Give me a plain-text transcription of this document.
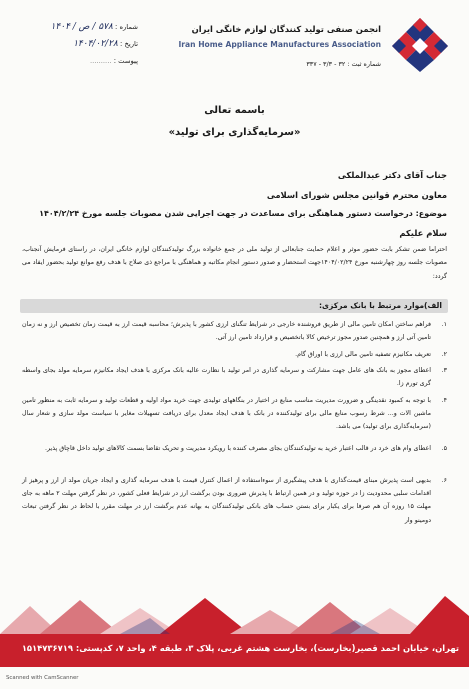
انجمن صنفی تولید کنندگان لوازم خانگی ایران
Iran Home Appliance Manufactures Association
شماره ثبت : ۳۲ - ۳/۳ - ۳۳۷
شماره : ۵۷۸ / ص / ۱۴۰۴
تاریخ : ۱۴۰۴/۰۲/۲۸
پیوست : ..........
باسمه تعالی
«سرمایه‌گذاری برای تولید»
جناب آقای دکتر عبدالملکی
معاون محترم قوانین مجلس شورای اسلامی
موضوع: درخواست دستور هماهنگی برای مساعدت در جهت اجرایی شدن مصوبات جلسه مورخ ۱۴۰۴/۲/۲۴
سلام علیکم
احتراما ضمن تشکر بابت حضور موثر و اعلام حمایت جنابعالی از تولید ملی در جمع خانواده بزرگ تولیدکنندگان لوازم خانگی ایران، در راستای فرمایش آنجناب، مصوبات جلسه روز چهارشنبه مورخ ۱۴۰۴/۰۲/۲۴جهت استحضار و صدور دستور انجام مکاتبه و هماهنگی با مراجع ذی صلاح با هدف رفع موانع تولید بحضور ایفاد می گردد:
الف)موارد مرتبط با بانک مرکزی:
۱.
فراهم ساختن امکان تامین مالی از طریق فروشنده خارجی در شرایط تنگنای ارزی کشور با پذیرش؛ محاسبه قیمت ارز به قیمت زمان تخصیص ارز و نه زمان تامین آتی ارز و همچنین صدور مجوز ترخیص کالا باتخصیص و قرارداد تامین ارز آتی.
۲.
تعریف مکانیزم تصفیه تامین مالی ارزی با اوراق گام.
۳.
اعطای مجوز به بانک های عامل جهت مشارکت و سرمایه گذاری در امر تولید با نظارت عالیه بانک مرکزی با هدف ایجاد مکانیزم سرمایه مولد بجای واسطه گری تورم زا.
۴.
با توجه به کمبود نقدینگی و ضرورت مدیریت مناسب منابع در اختیار در بنگاههای تولیدی جهت خرید مواد اولیه و قطعات تولید و سرمایه ثابت به منظور تامین ماشین الات و... شرط رسوب منابع مالی برای تولیدکننده در بانک با هدف ایجاد معدل برای دریافت تسهیلات مغایر با سیاست مولد سازی و شعار سال (سرمایه‌گذاری برای تولید) می باشد.
۵.
اعطای وام های خرد در قالب اعتبار خرید به تولیدکنندگان بجای مصرف کننده با رویکرد مدیریت و تحریک تقاضا بسمت کالاهای تولید داخل قاچاق پذیر.
۶.
بدیهی است پذیرش مبنای قیمت‌گذاری با هدف پیشگیری از سوءاستفاده از اعمال کنترل قیمت با هدف سرمایه گذاری و ایجاد جریان مولد از ارز و پرهیز از اقدامات سلبی محدودیت زا در حوزه تولید و در همین ارتباط با پذیرش ضروری بودن برگشت ارز در شرایط فعلی کشور، در نظر گرفتن مهلت ۲ ماهه به جای مهلت ۱۵ روزه آن هم صرفا برای یکبار برای بستن حساب های بانکی تولیدکنندگان به بهانه عدم برگشت ارز در مهلت مقرر با لحاظ در نظر گرفتن تبعات دومینو وار
تهران، خیابان احمد قصیر(بخارست)، بخارست هشتم غربی، پلاک ۳، طبقه ۴، واحد ۷، کدپستی: ۱۵۱۴۷۳۶۷۱۹
Scanned with CamScanner
